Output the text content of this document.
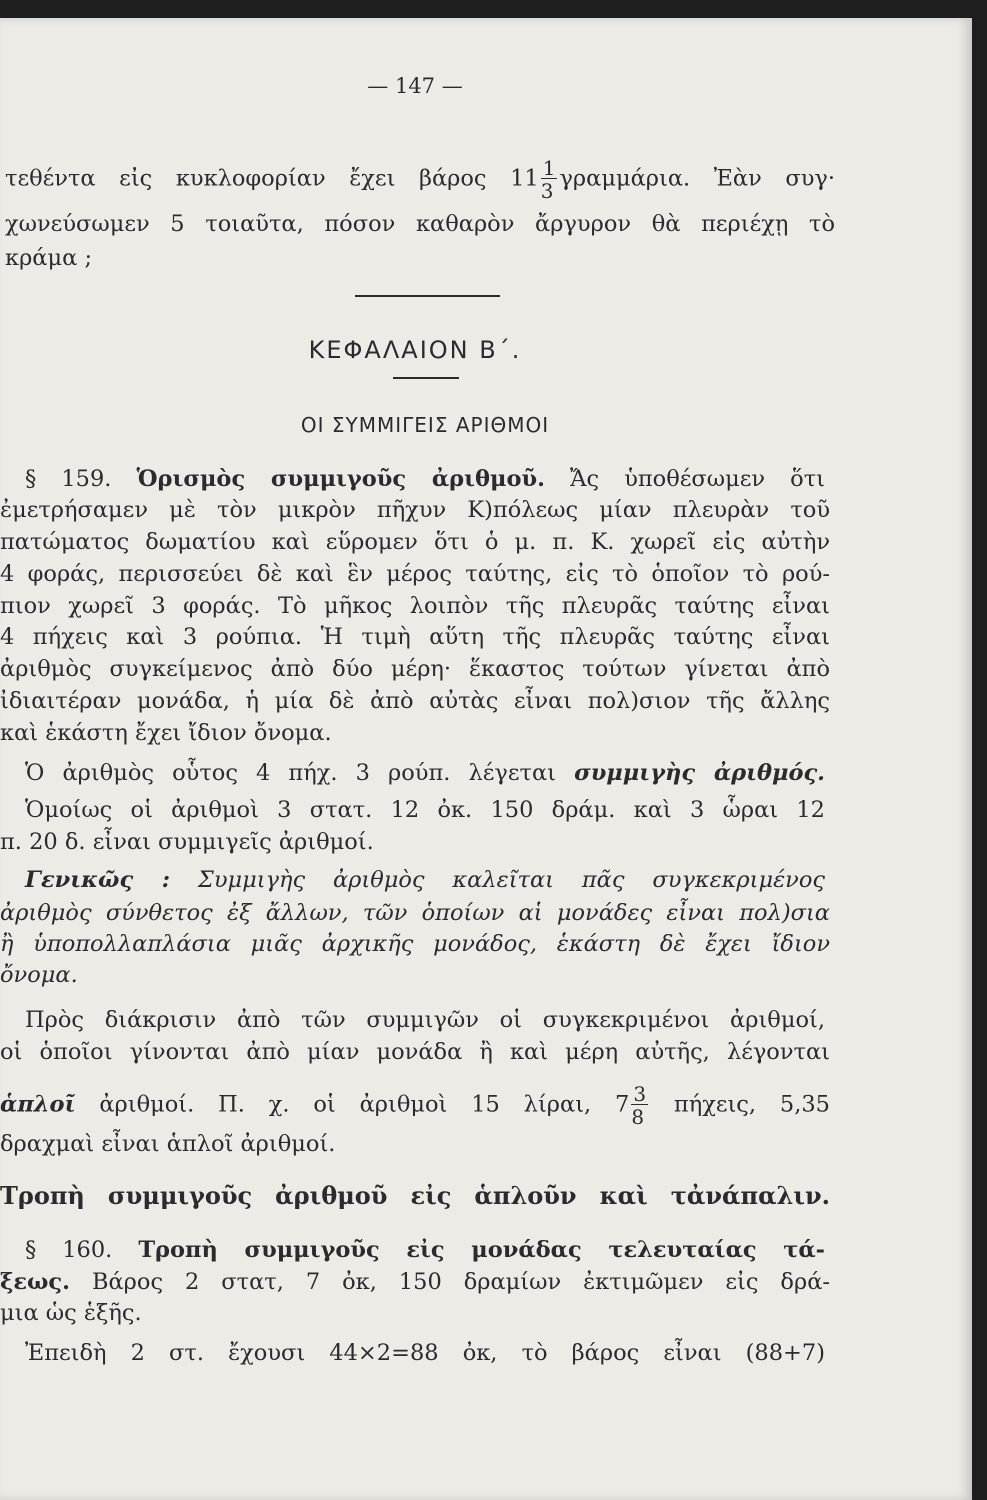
— 147 —
τεθέντα εἰς κυκλοφορίαν ἔχει βάρος $11 \frac{1}{3} \gamma\rho\alpha\mu\mu ά\rho\iota\alpha$. Ἐὰν συγ·
χωνεύσωμεν 5 τοιαῦτα, πόσον καθαρὸν ἄργυρον θὰ περιέχῃ τὸ
κράμα ;
ΚΕΦΑΛΑΙΟΝ Β΄.
ΟΙ ΣΥΜΜΙΓΕΙΣ ΑΡΙΘΜΟΙ
§ 159. Ὁρισμὸς συμμιγοῦς ἀριθμοῦ. Ἄς ὑποθέσωμεν ὅτι
ἐμετρήσαμεν μὲ τὸν μικρὸν πῆχυν Κ)πόλεως μίαν πλευρὰν τοῦ
πατώματος δωματίου καὶ εὕρομεν ὅτι ὁ μ. π. Κ. χωρεῖ εἰς αὐτὴν
4 φοράς, περισσεύει δὲ καὶ ἓν μέρος ταύτης, εἰς τὸ ὁποῖον τὸ ρού-
πιον χωρεῖ 3 φοράς. Τὸ μῆκος λοιπὸν τῆς πλευρᾶς ταύτης εἶναι
4 πήχεις καὶ 3 ρούπια. Ἡ τιμὴ αὕτη τῆς πλευρᾶς ταύτης εἶναι
ἀριθμὸς συγκείμενος ἀπὸ δύο μέρη· ἕκαστος τούτων γίνεται ἀπὸ
ἰδιαιτέραν μονάδα, ἡ μία δὲ ἀπὸ αὐτὰς εἶναι πολ)σιον τῆς ἄλλης
καὶ ἑκάστη ἔχει ἴδιον ὄνομα.
Ὁ ἀριθμὸς οὗτος 4 πήχ. 3 ρούπ. λέγεται συμμιγὴς ἀριθμός.
Ὁμοίως οἱ ἀριθμοὶ 3 στατ. 12 ὀκ. 150 δράμ. καὶ 3 ὧραι 12
π. 20 δ. εἶναι συμμιγεῖς ἀριθμοί.
Γενικῶς : Συμμιγὴς ἀριθμὸς καλεῖται πᾶς συγκεκριμένος
ἀριθμὸς σύνθετος ἐξ ἄλλων, τῶν ὁποίων αἱ μονάδες εἶναι πολ)σια
ἢ ὑποπολλαπλάσια μιᾶς ἀρχικῆς μονάδος, ἑκάστη δὲ ἔχει ἴδιον
ὄνομα.
Πρὸς διάκρισιν ἀπὸ τῶν συμμιγῶν οἱ συγκεκριμένοι ἀριθμοί,
οἱ ὁποῖοι γίνονται ἀπὸ μίαν μονάδα ἢ καὶ μέρη αὐτῆς, λέγονται
ἁπλοῖ ἀριθμοί. Π. χ. οἱ ἀριθμοὶ 15 λίραι, $7 \frac{3}{8} \pi ή\chi\varepsilon\iota\varsigma$, 5,35
δραχμαὶ εἶναι ἁπλοῖ ἀριθμοί.
Τροπὴ συμμιγοῦς ἀριθμοῦ εἰς ἁπλοῦν καὶ τἀνάπαλιν.
§ 160. Τροπὴ συμμιγοῦς εἰς μονάδας τελευταίας τά-
ξεως. Βάρος 2 στατ, 7 ὀκ, 150 δραμίων ἐκτιμῶμεν εἰς δρά-
μια ὡς ἑξῆς.
Ἐπειδὴ 2 στ. ἔχουσι 44×2=88 ὀκ, τὸ βάρος εἶναι (88+7)
